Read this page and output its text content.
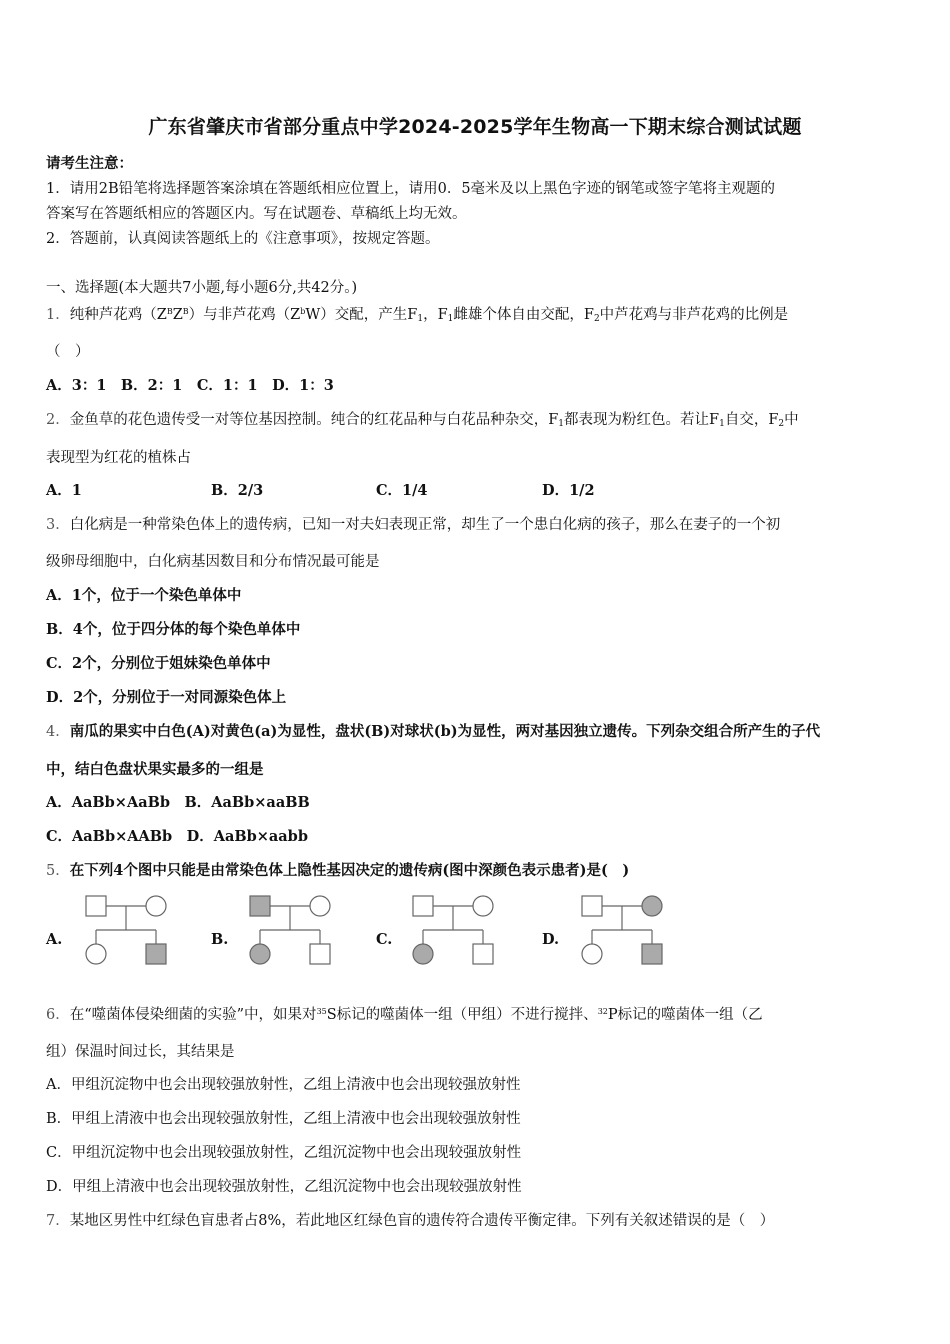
广东省肇庆市省部分重点中学2024-2025学年生物高一下期末综合测试试题
请考生注意：
1．请用2B铅笔将选择题答案涂填在答题纸相应位置上，请用0．5毫米及以上黑色字迹的钢笔或签字笔将主观题的
答案写在答题纸相应的答题区内。写在试题卷、草稿纸上均无效。
2．答题前，认真阅读答题纸上的《注意事项》，按规定答题。
一、选择题(本大题共7小题,每小题6分,共42分。)
1．纯种芦花鸡$(Z^BZ^B)$与非芦花鸡$(Z^bW)$交配，产生$F_1$，$F_1$雌雄个体自由交配，$F_2$中芦花鸡与非芦花鸡的比例是
（　）
A．3：1　B．2：1　C．1：1　D．1：3
2．金鱼草的花色遗传受一对等位基因控制。纯合的红花品种与白花品种杂交，$F_1$都表现为粉红色。若让$F_1$自交，$F_2$中
表现型为红花的植株占
A．1	B．2/3	C．1/4	D．1/2
3．白化病是一种常染色体上的遗传病，已知一对夫妇表现正常，却生了一个患白化病的孩子，那么在妻子的一个初
级卵母细胞中，白化病基因数目和分布情况最可能是
A．1个，位于一个染色单体中
B．4个，位于四分体的每个染色单体中
C．2个，分别位于姐妹染色单体中
D．2个，分别位于一对同源染色体上
4．南瓜的果实中白色(A)对黄色(a)为显性，盘状(B)对球状(b)为显性，两对基因独立遗传。下列杂交组合所产生的子代
中，结白色盘状果实最多的一组是
A．AaBb×AaBb　B．AaBb×aaBB
C．AaBb×AABb　D．AaBb×aabb
5．在下列4个图中只能是由常染色体上隐性基因决定的遗传病(图中深颜色表示患者)是(　)
A.	B.	C.	D.
6．在“噬菌体侵染细菌的实验”中，如果对$^{35}$S标记的噬菌体一组（甲组）不进行搅拌、$^{32}$P标记的噬菌体一组（乙
组）保温时间过长，其结果是
A．甲组沉淀物中也会出现较强放射性，乙组上清液中也会出现较强放射性
B．甲组上清液中也会出现较强放射性，乙组上清液中也会出现较强放射性
C．甲组沉淀物中也会出现较强放射性，乙组沉淀物中也会出现较强放射性
D．甲组上清液中也会出现较强放射性，乙组沉淀物中也会出现较强放射性
7．某地区男性中红绿色盲患者占8%，若此地区红绿色盲的遗传符合遗传平衡定律。下列有关叙述错误的是（　）
